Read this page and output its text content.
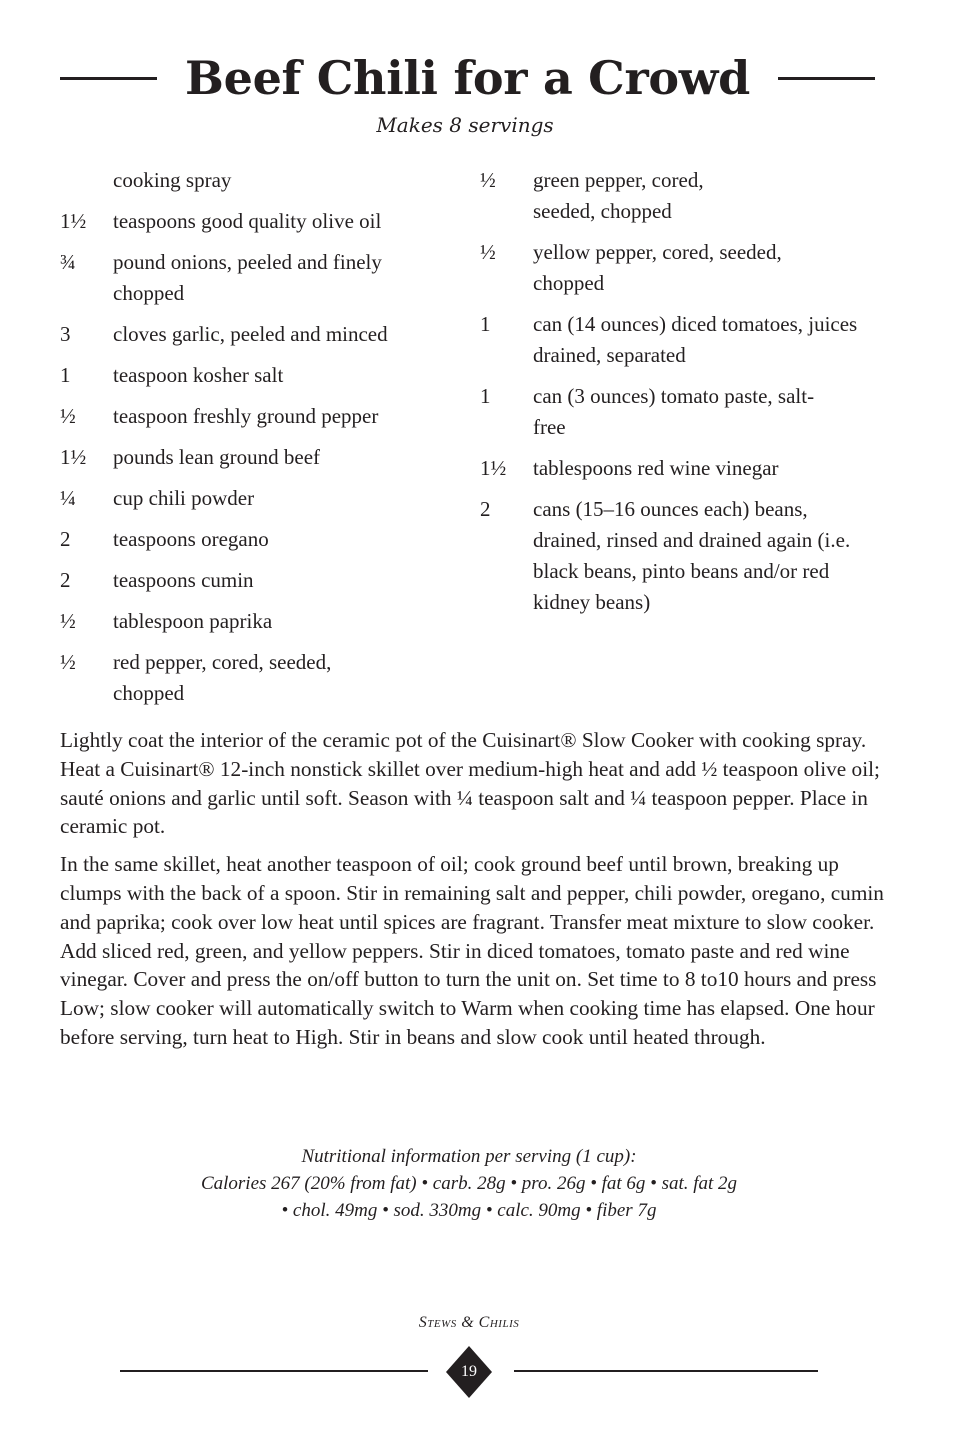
Beef Chili for a Crowd
Makes 8 servings
cooking spray
1½	teaspoons good quality olive oil
¾	pound onions, peeled and finely chopped
3	cloves garlic, peeled and minced
1	teaspoon kosher salt
½	teaspoon freshly ground pepper
1½	pounds lean ground beef
¼	cup chili powder
2	teaspoons oregano
2	teaspoons cumin
½	tablespoon paprika
½	red pepper, cored, seeded, chopped
½	green pepper, cored, seeded, chopped
½	yellow pepper, cored, seeded, chopped
1	can (14 ounces) diced tomatoes, juices drained, separated
1	can (3 ounces) tomato paste, salt-free
1½	tablespoons red wine vinegar
2	cans (15–16 ounces each) beans, drained, rinsed and drained again (i.e. black beans, pinto beans and/or red kidney beans)

Lightly coat the interior of the ceramic pot of the Cuisinart® Slow Cooker with cooking spray. Heat a Cuisinart® 12-inch nonstick skillet over medium-high heat and add ½ teaspoon olive oil; sauté onions and garlic until soft. Season with ¼ teaspoon salt and ¼ teaspoon pepper. Place in ceramic pot.

In the same skillet, heat another teaspoon of oil; cook ground beef until brown, breaking up clumps with the back of a spoon. Stir in remaining salt and pepper, chili powder, oregano, cumin and paprika; cook over low heat until spices are fragrant. Transfer meat mixture to slow cooker. Add sliced red, green, and yellow peppers. Stir in diced tomatoes, tomato paste and red wine vinegar. Cover and press the on/off button to turn the unit on. Set time to 8 to10 hours and press Low; slow cooker will automatically switch to Warm when cooking time has elapsed. One hour before serving, turn heat to High. Stir in beans and slow cook until heated through.

Nutritional information per serving (1 cup):
Calories 267 (20% from fat) • carb. 28g • pro. 26g • fat 6g • sat. fat 2g
• chol. 49mg • sod. 330mg • calc. 90mg • fiber 7g
Stews & Chilis
19
